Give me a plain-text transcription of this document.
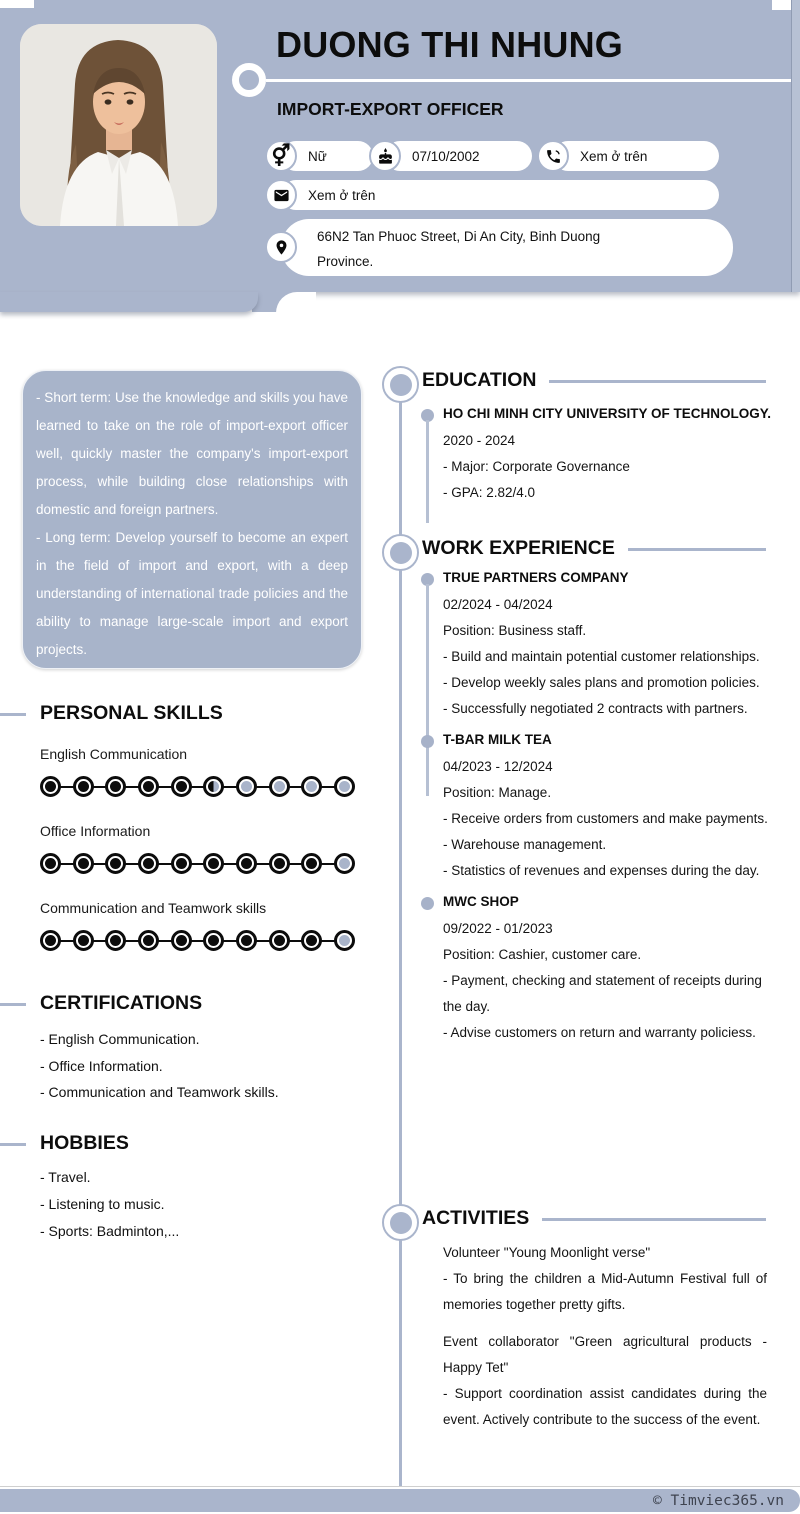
DUONG THI NHUNG
IMPORT-EXPORT OFFICER
⚥	Nữ	07/10/2002	Xem ở trên
Xem ở trên
66N2 Tan Phuoc Street, Di An City, Binh Duong
Province.

- Short term: Use the knowledge and skills you have learned to take on the role of import-export officer well, quickly master the company's import-export process, while building close relationships with domestic and foreign partners.

- Long term: Develop yourself to become an expert in the field of import and export, with a deep understanding of international trade policies and the ability to manage large-scale import and export projects.

PERSONAL SKILLS
English Communication
Office Information
Communication and Teamwork skills
CERTIFICATIONS
- English Communication.
- Office Information.
- Communication and Teamwork skills.
HOBBIES
- Travel.
- Listening to music.
- Sports: Badminton,...
EDUCATION
HO CHI MINH CITY UNIVERSITY OF TECHNOLOGY.
2020 - 2024
- Major: Corporate Governance
- GPA: 2.82/4.0
WORK EXPERIENCE
TRUE PARTNERS COMPANY
02/2024 - 04/2024
Position: Business staff.
- Build and maintain potential customer relationships.
- Develop weekly sales plans and promotion policies.
- Successfully negotiated 2 contracts with partners.
T-BAR MILK TEA
04/2023 - 12/2024
Position: Manage.
- Receive orders from customers and make payments.
- Warehouse management.
- Statistics of revenues and expenses during the day.
MWC SHOP
09/2022 - 01/2023
Position: Cashier, customer care.
- Payment, checking and statement of receipts during the day.
- Advise customers on return and warranty policiess.
ACTIVITIES
Volunteer "Young Moonlight verse"
- To bring the children a Mid-Autumn Festival full of memories together pretty gifts.
Event collaborator "Green agricultural products - Happy Tet"
- Support coordination assist candidates during the event. Actively contribute to the success of the event.
© Timviec365.vn
